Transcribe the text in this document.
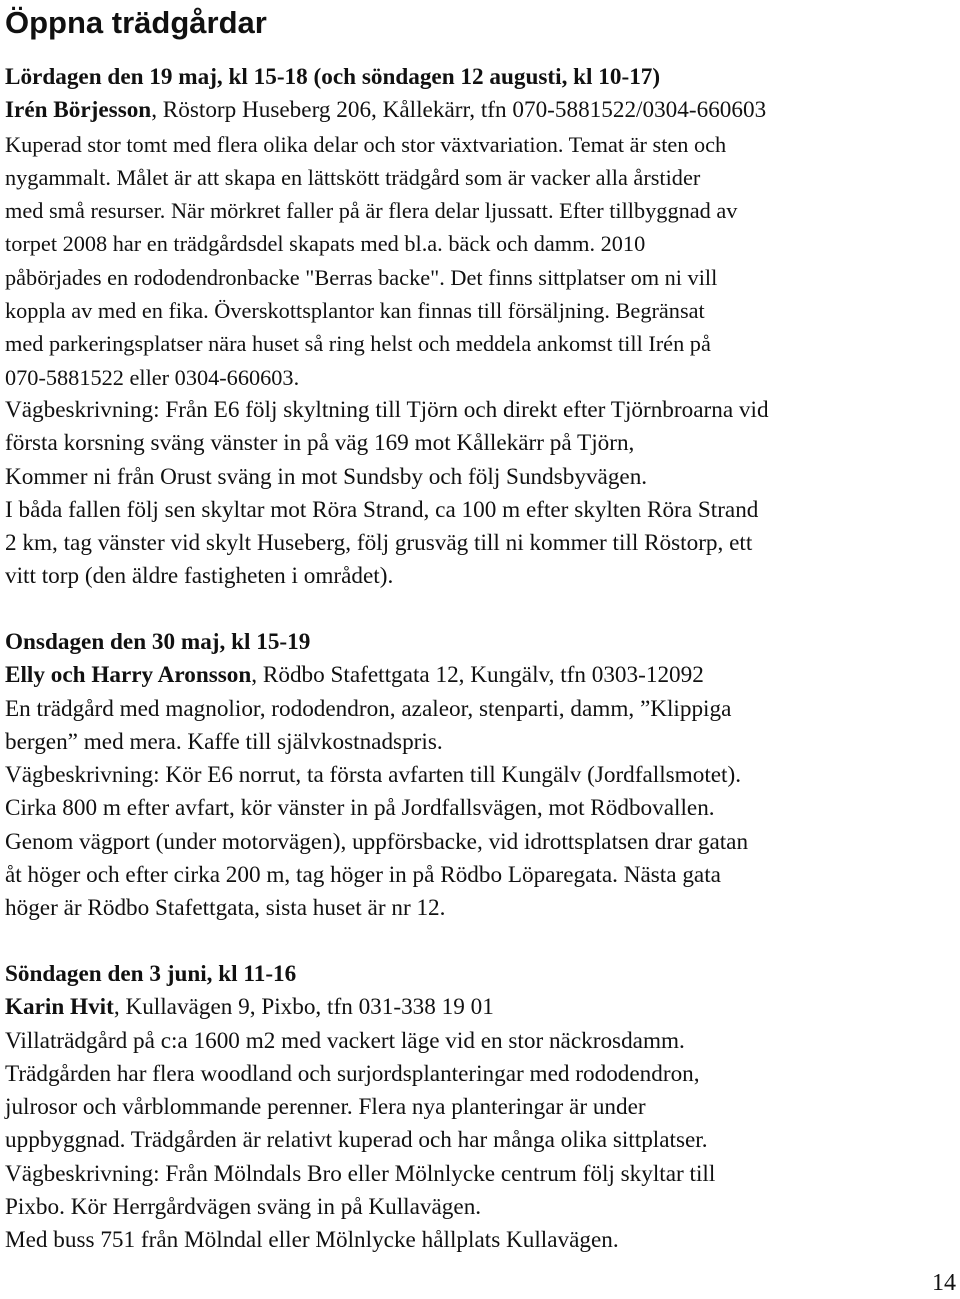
Öppna trädgårdar
Lördagen den 19 maj, kl 15-18 (och söndagen 12 augusti, kl 10-17)
Irén Börjesson, Röstorp Huseberg 206, Kållekärr, tfn 070-5881522/0304-660603
Kuperad stor tomt med flera olika delar och stor växtvariation. Temat är sten och
nygammalt. Målet är att skapa en lättskött trädgård som är vacker alla årstider
med små resurser. När mörkret faller på är flera delar ljussatt. Efter tillbyggnad av
torpet 2008 har en trädgårdsdel skapats med bl.a. bäck och damm. 2010
påbörjades en rododendronbacke "Berras backe". Det finns sittplatser om ni vill
koppla av med en fika. Överskottsplantor kan finnas till försäljning. Begränsat
med parkeringsplatser nära huset så ring helst och meddela ankomst till Irén på
070-5881522 eller 0304-660603.
Vägbeskrivning: Från E6 följ skyltning till Tjörn och direkt efter Tjörnbroarna vid
första korsning sväng vänster in på väg 169 mot Kållekärr på Tjörn,
Kommer ni från Orust sväng in mot Sundsby och följ Sundsbyvägen.
I båda fallen följ sen skyltar mot Röra Strand, ca 100 m efter skylten Röra Strand
2 km, tag vänster vid skylt Huseberg, följ grusväg till ni kommer till Röstorp, ett
vitt torp (den äldre fastigheten i området).
Onsdagen den 30 maj, kl 15-19
Elly och Harry Aronsson, Rödbo Stafettgata 12, Kungälv, tfn 0303-12092
En trädgård med magnolior, rododendron, azaleor, stenparti, damm, ”Klippiga
bergen” med mera. Kaffe till självkostnadspris.
Vägbeskrivning: Kör E6 norrut, ta första avfarten till Kungälv (Jordfallsmotet).
Cirka 800 m efter avfart, kör vänster in på Jordfallsvägen, mot Rödbovallen.
Genom vägport (under motorvägen), uppförsbacke, vid idrottsplatsen drar gatan
åt höger och efter cirka 200 m, tag höger in på Rödbo Löparegata. Nästa gata
höger är Rödbo Stafettgata, sista huset är nr 12.
Söndagen den 3 juni, kl 11-16
Karin Hvit, Kullavägen 9, Pixbo, tfn 031-338 19 01
Villaträdgård på c:a 1600 m2 med vackert läge vid en stor näckrosdamm.
Trädgården har flera woodland och surjordsplanteringar med rododendron,
julrosor och vårblommande perenner. Flera nya planteringar är under
uppbyggnad. Trädgården är relativt kuperad och har många olika sittplatser.
Vägbeskrivning: Från Mölndals Bro eller Mölnlycke centrum följ skyltar till
Pixbo. Kör Herrgårdvägen sväng in på Kullavägen.
Med buss 751 från Mölndal eller Mölnlycke hållplats Kullavägen.
14
